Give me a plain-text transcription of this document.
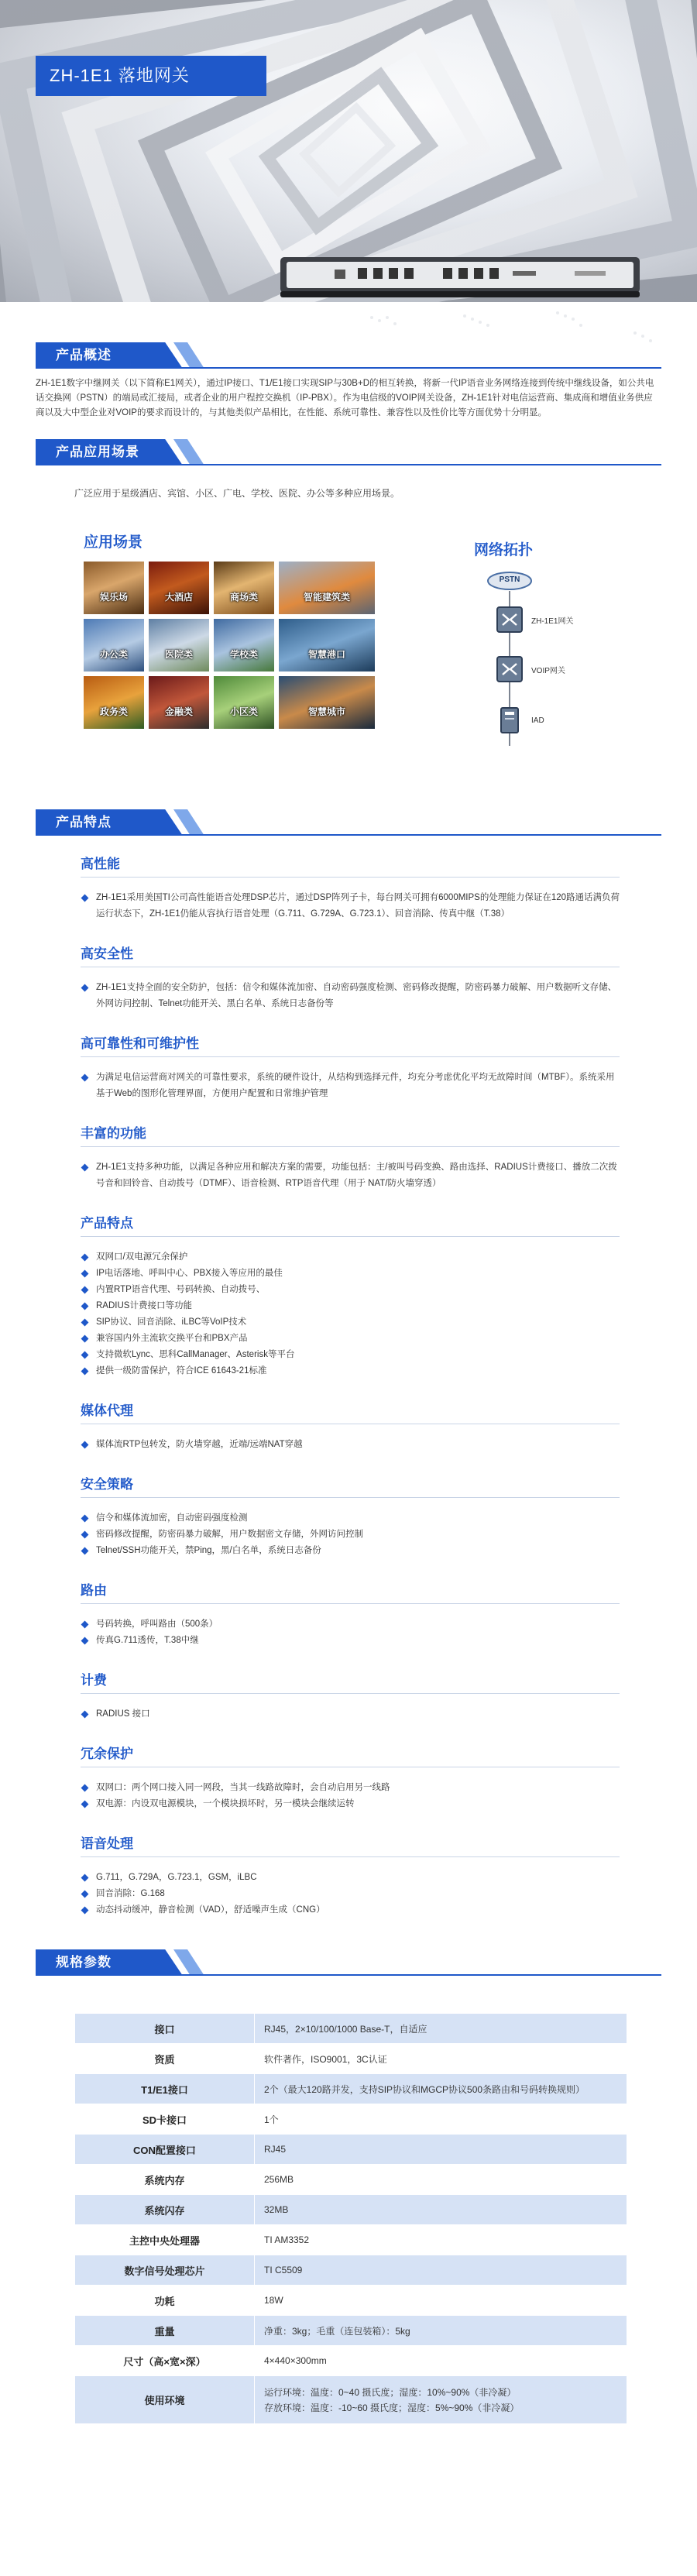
ZH-1E1 落地网关
产品概述

ZH-1E1数字中继网关（以下简称E1网关），通过IP接口、T1/E1接口实现SIP与30B+D的相互转换，将新一代IP语音业务网络连接到传统中继线设备，如公共电话交换网（PSTN）的端局或汇接局，或者企业的用户程控交换机（IP-PBX）。作为电信级的VOIP网关设备，ZH-1E1针对电信运营商、集成商和增值业务供应商以及大中型企业对VOIP的要求而设计的，与其他类似产品相比，在性能、系统可靠性、兼容性以及性价比等方面优势十分明显。

产品应用场景

广泛应用于星级酒店、宾馆、小区、广电、学校、医院、办公等多种应用场景。

应用场景	网络拓扑
娱乐场	大酒店	商场类	智能建筑类
办公类	医院类	学校类	智慧港口
政务类	金融类	小区类	智慧城市
PSTN
ZH-1E1网关
VOIP网关
IAD
产品特点
高性能
ZH-1E1采用美国TI公司高性能语音处理DSP芯片，通过DSP阵列子卡，每台网关可拥有6000MIPS的处理能力保证在120路通话满负荷运行状态下，ZH-1E1仍能从容执行语音处理（G.711、G.729A、G.723.1）、回音消除、传真中继（T.38）
高安全性
ZH-1E1支持全面的安全防护，包括：信令和媒体流加密、自动密码强度检测、密码修改提醒，防密码暴力破解、用户数据听文存储、外网访问控制、Telnet功能开关、黑白名单、系统日志备份等
高可靠性和可维护性
为满足电信运营商对网关的可靠性要求，系统的硬件设计，从结构到选择元件，均充分考虑优化平均无故障时间（MTBF）。系统采用基于Web的图形化管理界面，方便用户配置和日常维护管理
丰富的功能
ZH-1E1支持多种功能，以满足各种应用和解决方案的需要，功能包括：主/被叫号码变换、路由选择、RADIUS计费接口、播放二次拨号音和回铃音、自动拨号（DTMF）、语音检测、RTP语音代理（用于 NAT/防火墙穿透）
产品特点
双网口/双电源冗余保护
IP电话落地、呼叫中心、PBX接入等应用的最佳
内置RTP语音代理、号码转换、自动拨号、
RADIUS计费接口等功能
SIP协议、回音消除、iLBC等VoIP技术
兼容国内外主流软交换平台和PBX产品
支持微软Lync、思科CallManager、Asterisk等平台
提供一级防雷保护，符合ICE 61643-21标准
媒体代理
媒体流RTP包转发，防火墙穿越，近端/远端NAT穿越
安全策略
信令和媒体流加密，自动密码强度检测
密码修改提醒，防密码暴力破解，用户数据密文存储，外网访问控制
Telnet/SSH功能开关，禁Ping，黑/白名单，系统日志备份
路由
号码转换，呼叫路由（500条）
传真G.711透传，T.38中继
计费
RADIUS 接口
冗余保护
双网口：两个网口接入同一网段，当其一线路故障时，会自动启用另一线路
双电源：内设双电源模块，一个模块损坏时，另一模块会继续运转
语音处理
G.711，G.729A，G.723.1，GSM，iLBC
回音消除：G.168
动态抖动缓冲，静音检测（VAD），舒适噪声生成（CNG）
规格参数
接口	RJ45，2×10/100/1000 Base-T，自适应
资质	软件著作，ISO9001，3C认证
T1/E1接口	2个（最大120路并发，支持SIP协议和MGCP协议500条路由和号码转换规则）
SD卡接口	1个
CON配置接口	RJ45
系统内存	256MB
系统闪存	32MB
主控中央处理器	TI AM3352
数字信号处理芯片	TI C5509
功耗	18W
重量	净重：3kg；毛重（连包装箱）：5kg
尺寸（高×宽×深）	4×440×300mm
使用环境	运行环境：温度：0~40 摄氏度；湿度：10%~90%（非冷凝）
存放环境：温度：-10~60 摄氏度；湿度：5%~90%（非冷凝）
